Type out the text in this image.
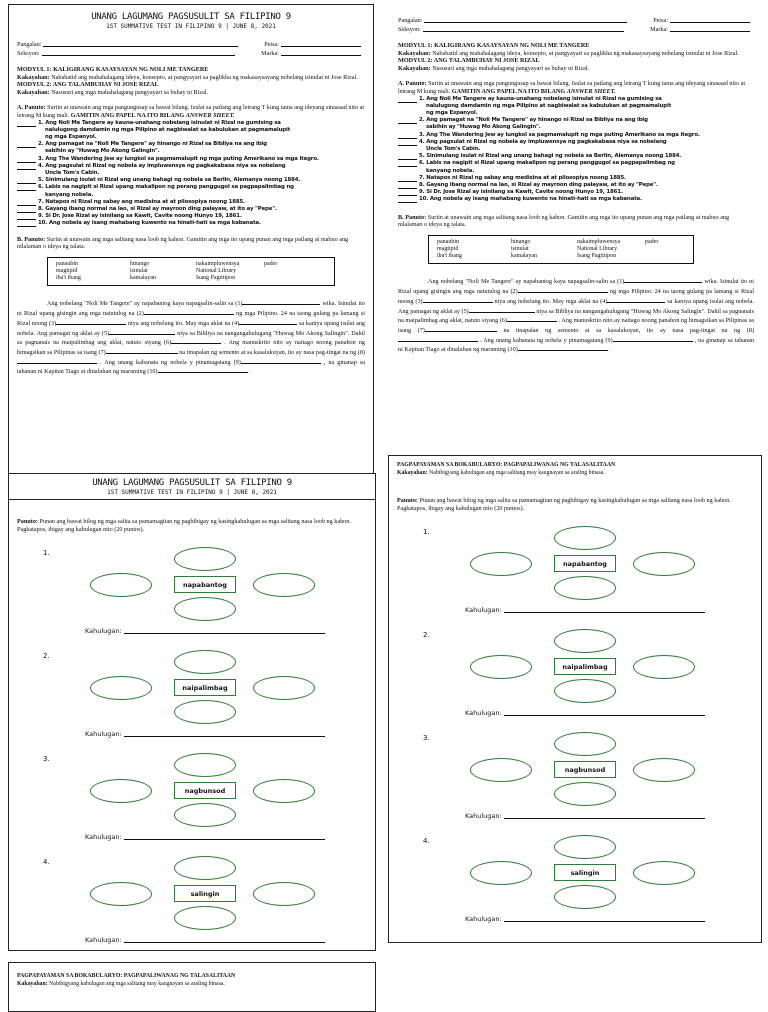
UNANG LAGUMANG PAGSUSULIT SA FILIPINO 9
1ST SUMMATIVE TEST IN FILIPINO 9 | JUNE 8, 2021
Pangalan:	Petsa:
Seksyon:	Marka:

MODYUL 1: KALIGIRANG KASAYSAYAN NG NOLI ME TANGERE

Kakayahan: Nababatid ang mahahalagang ideya, konsepto, at pangyayari sa paglikha ng makasaysayang nobelang isinulat ni Jose Rizal.

MODYUL 2: ANG TALAMBUHAY NI JOSE RIZAL

Kakayahan: Nasusuri ang mga mahahalagang pangyayari sa buhay ni Rizal.

A. Panuto: Suriin at unawain ang mga pangungusap sa bawat bilang. Isulat sa patlang ang letrang T kung tama ang ideyang sinasaad nito at letrang M kung mali. GAMITIN ANG PAPEL NA ITO BILANG ANSWER SHEET.

1. Ang Noli Me Tangere ay kauna-unahang nobelang isinulat ni Rizal na gumising sa
nalulugong damdamin ng mga Pilipino at nagbiwalat sa kabulukan at pagmamalupit
ng mga Espanyol.
2. Ang pamagat na "Noli Me Tangere" ay hinango ni Rizal sa Bibliya na ang ibig
sabihin ay "Huwag Mo Akong Galingin".
3. Ang The Wandering Jew ay lungkol sa pagmamalupit ng mga puting Amerikano sa mga itegro.
4. Ang pagsulat ni Rizal ng nobela ay impluwensya ng pagkakabasa niya sa nobelang
Uncle Tom's Cabin.
5. Sinimulang isulat ni Rizal ang unang bahagi ng nobela sa Berlin, Alemanya noong 1884.
6. Labis na nagipit si Rizal upang makalipon ng perang panggugol sa pagpapalimbag ng
kanyang nobela.
7. Natapos ni Rizal ng sabay ang medisina at at pilosopiya noong 1885.
8. Gayang ibang normal na lao, si Rizal ay mayroon ding palayaw, at ito ay "Pepe".
9. Si Dr. Jose Rizal ay isinilang sa Kawit, Cavite noong Hunyo 19, 1861.
10. Ang nobela ay isang mahabang kuwento na hinati-hati sa mga kabanata.

B. Panuto: Suriin at unawain ang mga salitang nasa loob ng kahon. Gamitin ang mga ito upang punan ang mga patlang at mabuo ang nilalaman o ideya ng talata.

panaubin	hinango	nakaimpluwensya	pader
magtipid	isinulat	National Library
iba't ibang	kamalayan	Isang Pagtitipon

Ang nobelang "Noli Me Tangere" ay napabantog kaya napagsalin-salin sa (1)	wika. Isinulat ito ni Rizal upang gisingin ang mga natutulog na (2)	ng mga Pilipino. 24 na taong gulang pa lamang si Rizal noong (3)	niya ang nobelang ito. May mga aklat na (4)	sa kaniya upang isulat ang nobela. Ang pamagat ng aklat ay (5)	niya sa Bibliya na nangangahulugang "Huwag Mo Akong Salingin". Dahil sa pagnanais na maipalimbag ang aklat, natuto siyang (6)	. Ang manuskrito nito ay naitago noong panahon ng himagsikan sa Pilipinas sa isang (7)	na tinapalan ng semento at sa kasalukuyan, ito ay nasa pag-iingat na ng (8) . Ang unang kabanata ng nobela y pinamagatang (9)	, na ginanap sa tahanan ni Kapitan Tiago at dinaluhan ng maraming (10)	.

Pangalan:	Petsa:
Seksyon:	Marka:

MODYUL 1: KALIGIRANG KASAYSAYAN NG NOLI ME TANGERE

Kakayahan: Nababatid ang mahahalagang ideya, konsepto, at pangyayari sa paglikha ng makasaysayang nobelang isinulat ni Jose Rizal.

MODYUL 2: ANG TALAMBUHAY NI JOSE RIZAL

Kakayahan: Nasusuri ang mga mahahalagang pangyayari sa buhay ni Rizal.

A. Panuto: Suriin at unawain ang mga pangungusap sa bawat bilang. Isulat sa patlang ang letrang T kung tama ang ideyang sinasaad nito at letrang M kung mali. GAMITIN ANG PAPEL NA ITO BILANG ANSWER SHEET.

1. Ang Noli Me Tangere ay kauna-unahang nobelang isinulat ni Rizal na gumising sa
nalulugong damdamin ng mga Pilipino at nagbiwalat sa kabulukan at pagmamalupit
ng mga Espanyol.
2. Ang pamagat na "Noli Me Tangere" ay hinango ni Rizal sa Bibliya na ang ibig
sabihin ay "Huwag Mo Akong Galingin".
3. Ang The Wandering Jew ay lungkol sa pagmamalupit ng mga puting Amerikano sa mga itegro.
4. Ang pagsulat ni Rizal ng nobela ay impluwensya ng pagkakabasa niya sa nobelang
Uncle Tom's Cabin.
5. Sinimulang isulat ni Rizal ang unang bahagi ng nobela sa Berlin, Alemanya noong 1884.
6. Labis na nagipit si Rizal upang makalipon ng perang panggugol sa pagpapalimbag ng
kanyang nobela.
7. Natapos ni Rizal ng sabay ang medisina at at pilosopiya noong 1885.
8. Gayang ibang normal na lao, si Rizal ay mayroon ding palayaw, at ito ay "Pepe".
9. Si Dr. Jose Rizal ay isinilang sa Kawit, Cavite noong Hunyo 19, 1861.
10. Ang nobela ay isang mahabang kuwento na hinati-hati sa mga kabanata.

B. Panuto: Suriin at unawain ang mga salitang nasa loob ng kahon. Gamitin ang mga ito upang punan ang mga patlang at mabuo ang nilalaman o ideya ng talata.

panaubin	hinango	nakaimpluwensya	pader
magtipid	isinulat	National Library
iba't ibang	kamalayan	Isang Pagtitipon

Ang nobelang "Noli Me Tangere" ay napabantog kaya napagsalin-salin sa (1)	wika. Isinulat ito ni Rizal upang gisingin ang mga natutulog na (2)	ng mga Pilipino. 24 na taong gulang pa lamang si Rizal noong (3)	niya ang nobelang ito. May mga aklat na (4)	sa kaniya upang isulat ang nobela. Ang pamagat ng aklat ay (5)	niya sa Bibliya na nangangahulugang "Huwag Mo Akong Salingin". Dahil sa pagnanais na maipalimbag ang aklat, natuto siyang (6)	. Ang manuskrito nito ay naitago noong panahon ng himagsikan sa Pilipinas sa isang (7)	na tinapalan ng semento at sa kasalukuyan, ito ay nasa pag-iingat na ng (8) . Ang unang kabanata ng nobela y pinamagatang (9)	, na ginanap sa tahanan ni Kapitan Tiago at dinaluhan ng maraming (10)	.

UNANG LAGUMANG PAGSUSULIT SA FILIPINO 9
1ST SUMMATIVE TEST IN FILIPINO 9 | JUNE 8, 2021

Panuto: Punan ang bawat bilog ng mga salita sa pamamagitan ng pagbibigay ng kasingkahulugan sa mga salitang nasa loob ng kahon. Pagkatapos, ibigay ang kahulugan nito (20 puntos).

1.
napabantog
Kahulugan:
2.
naipalimbag
Kahulugan:
3.
nagbunsod
Kahulugan:
4.
salingin
Kahulugan:

PAGPAPAYAMAN SA BOKABULARYO: PAGPAPALIWANAG NG TALASALITAAN

Kakayahan: Nabibigyang kahulugan ang mga salitang may kaugnayan sa araling binasa.

Panuto: Punan ang bawat bilog ng mga salita sa pamamagitan ng pagbibigay ng kasingkahulugan sa mga salitang nasa loob ng kahon. Pagkatapos, ibigay ang kahulugan nito (20 puntos).

1.
napabantog
Kahulugan:
2.
naipalimbag
Kahulugan:
3.
nagbunsod
Kahulugan:
4.
salingin
Kahulugan:

PAGPAPAYAMAN SA BOKABULARYO: PAGPAPALIWANAG NG TALASALITAAN

Kakayahan: Nabibigyang kahulugan ang mga salitang may kaugnayan sa araling binasa.
